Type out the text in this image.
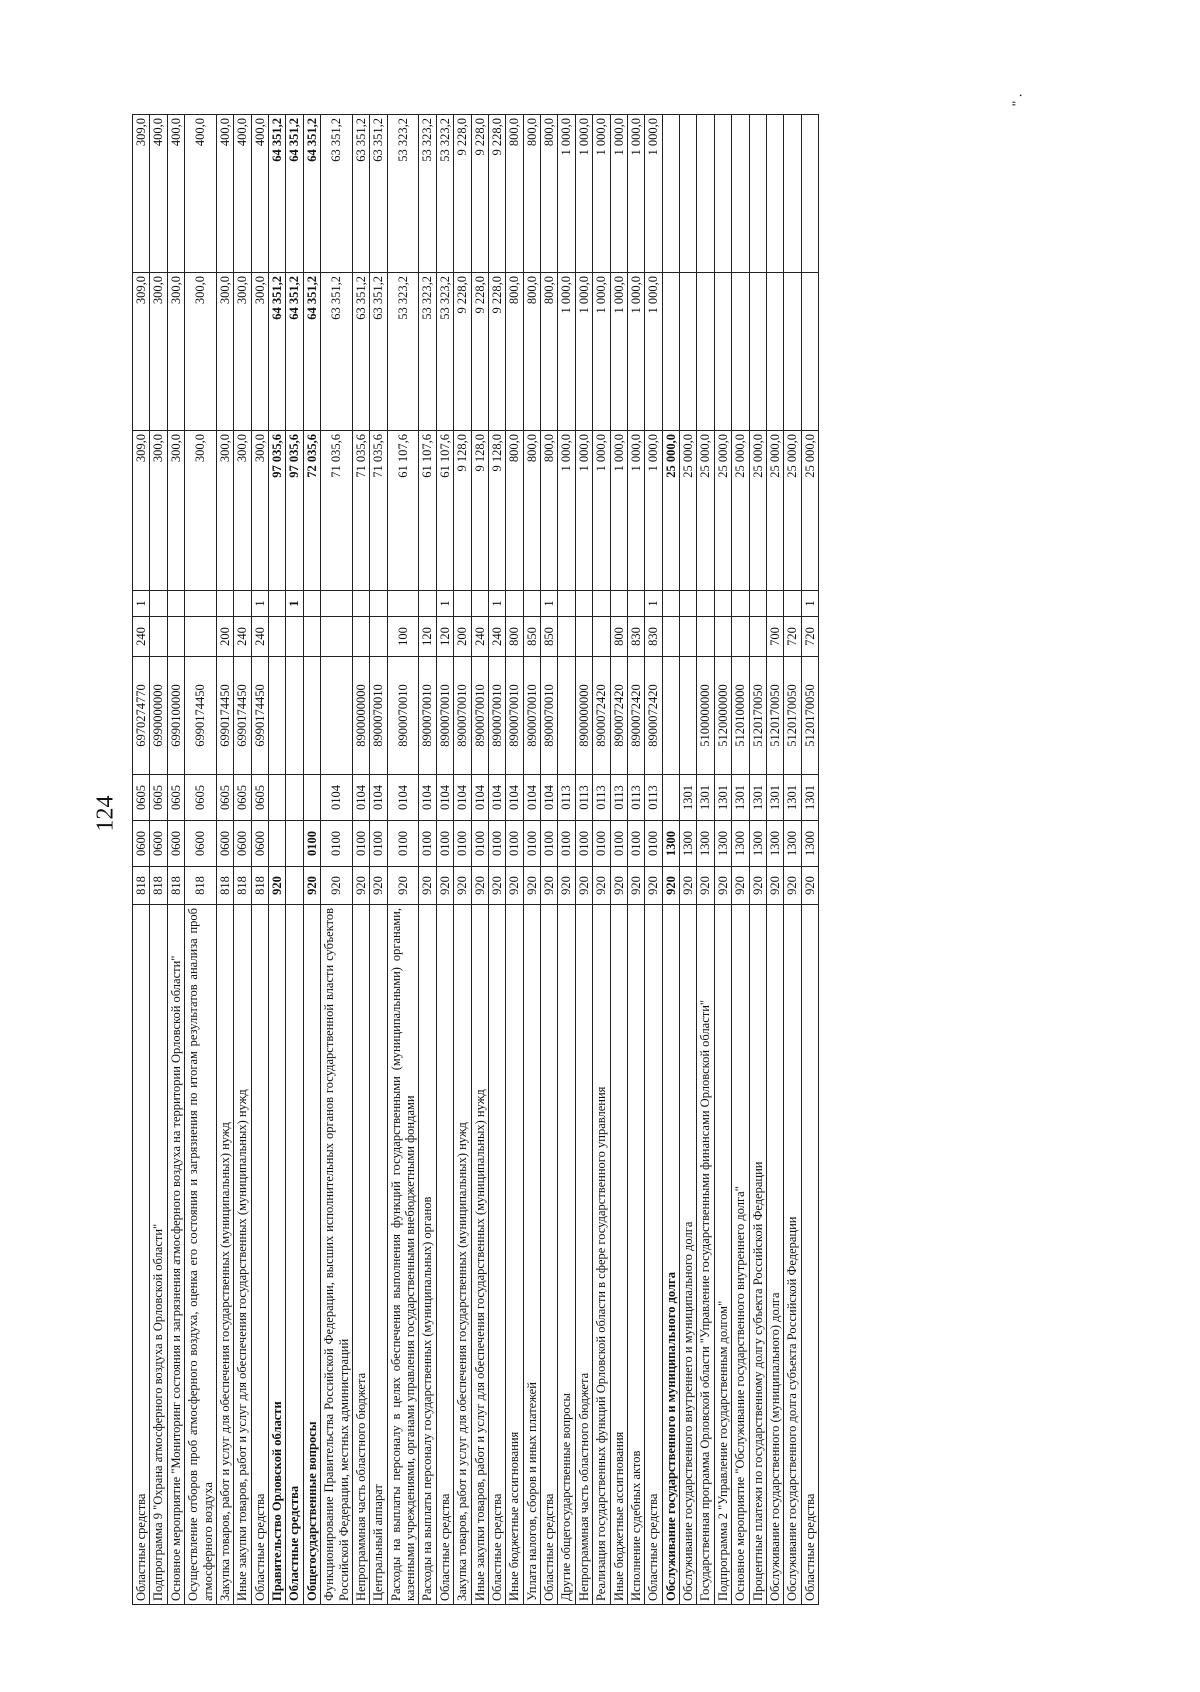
124
" .
Областные средства	818	0600	0605	6970274770	240	1	309,0	309,0	309,0
Подпрограмма 9 "Охрана атмосферного воздуха в Орловской области"	818	0600	0605	6990000000			300,0	300,0	400,0
Основное мероприятие "Мониторинг состояния и загрязнения атмосферного воздуха на территории Орловской области"	818	0600	0605	6990100000			300,0	300,0	400,0
Осуществление отборов проб атмосферного воздуха, оценка его состояния и загрязнения по итогам результатов анализа проб атмосферного воздуха	818	0600	0605	6990174450			300,0	300,0	400,0
Закупка товаров, работ и услуг для обеспечения государственных (муниципальных) нужд	818	0600	0605	6990174450	200		300,0	300,0	400,0
Иные закупки товаров, работ и услуг для обеспечения государственных (муниципальных) нужд	818	0600	0605	6990174450	240		300,0	300,0	400,0
Областные средства	818	0600	0605	6990174450	240	1	300,0	300,0	400,0
Правительство Орловской области	920						97 035,6	64 351,2	64 351,2
Областные средства						1	97 035,6	64 351,2	64 351,2
Общегосударственные вопросы	920	0100					72 035,6	64 351,2	64 351,2
Функционирование Правительства Российской Федерации, высших исполнительных органов государственной власти субъектов Российской Федерации, местных администраций	920	0100	0104				71 035,6	63 351,2	63 351,2
Непрограммная часть областного бюджета	920	0100	0104	8900000000			71 035,6	63 351,2	63 351,2
Центральный аппарат	920	0100	0104	8900070010			71 035,6	63 351,2	63 351,2
Расходы на выплаты персоналу в целях обеспечения выполнения функций государственными (муниципальными) органами, казенными учреждениями, органами управления государственными внебюджетными фондами	920	0100	0104	8900070010	100		61 107,6	53 323,2	53 323,2
Расходы на выплаты персоналу государственных (муниципальных) органов	920	0100	0104	8900070010	120		61 107,6	53 323,2	53 323,2
Областные средства	920	0100	0104	8900070010	120	1	61 107,6	53 323,2	53 323,2
Закупка товаров, работ и услуг для обеспечения государственных (муниципальных) нужд	920	0100	0104	8900070010	200		9 128,0	9 228,0	9 228,0
Иные закупки товаров, работ и услуг для обеспечения государственных (муниципальных) нужд	920	0100	0104	8900070010	240		9 128,0	9 228,0	9 228,0
Областные средства	920	0100	0104	8900070010	240	1	9 128,0	9 228,0	9 228,0
Иные бюджетные ассигнования	920	0100	0104	8900070010	800		800,0	800,0	800,0
Уплата налогов, сборов и иных платежей	920	0100	0104	8900070010	850		800,0	800,0	800,0
Областные средства	920	0100	0104	8900070010	850	1	800,0	800,0	800,0
Другие общегосударственные вопросы	920	0100	0113				1 000,0	1 000,0	1 000,0
Непрограммная часть областного бюджета	920	0100	0113	8900000000			1 000,0	1 000,0	1 000,0
Реализация государственных функций Орловской области в сфере государственного управления	920	0100	0113	8900072420			1 000,0	1 000,0	1 000,0
Иные бюджетные ассигнования	920	0100	0113	8900072420	800		1 000,0	1 000,0	1 000,0
Исполнение судебных актов	920	0100	0113	8900072420	830		1 000,0	1 000,0	1 000,0
Областные средства	920	0100	0113	8900072420	830	1	1 000,0	1 000,0	1 000,0
Обслуживание государственного и муниципального долга	920	1300					25 000,0		
Обслуживание государственного внутреннего и муниципального долга	920	1300	1301				25 000,0		
Государственная программа Орловской области "Управление государственными финансами Орловской области"	920	1300	1301	5100000000			25 000,0		
Подпрограмма 2 "Управление государственным долгом"	920	1300	1301	5120000000			25 000,0		
Основное мероприятие "Обслуживание государственного внутреннего долга"	920	1300	1301	5120100000			25 000,0		
Процентные платежи по государственному долгу субъекта Российской Федерации	920	1300	1301	5120170050			25 000,0		
Обслуживание государственного (муниципального) долга	920	1300	1301	5120170050	700		25 000,0		
Обслуживание государственного долга субъекта Российской Федерации	920	1300	1301	5120170050	720		25 000,0		
Областные средства	920	1300	1301	5120170050	720	1	25 000,0		
